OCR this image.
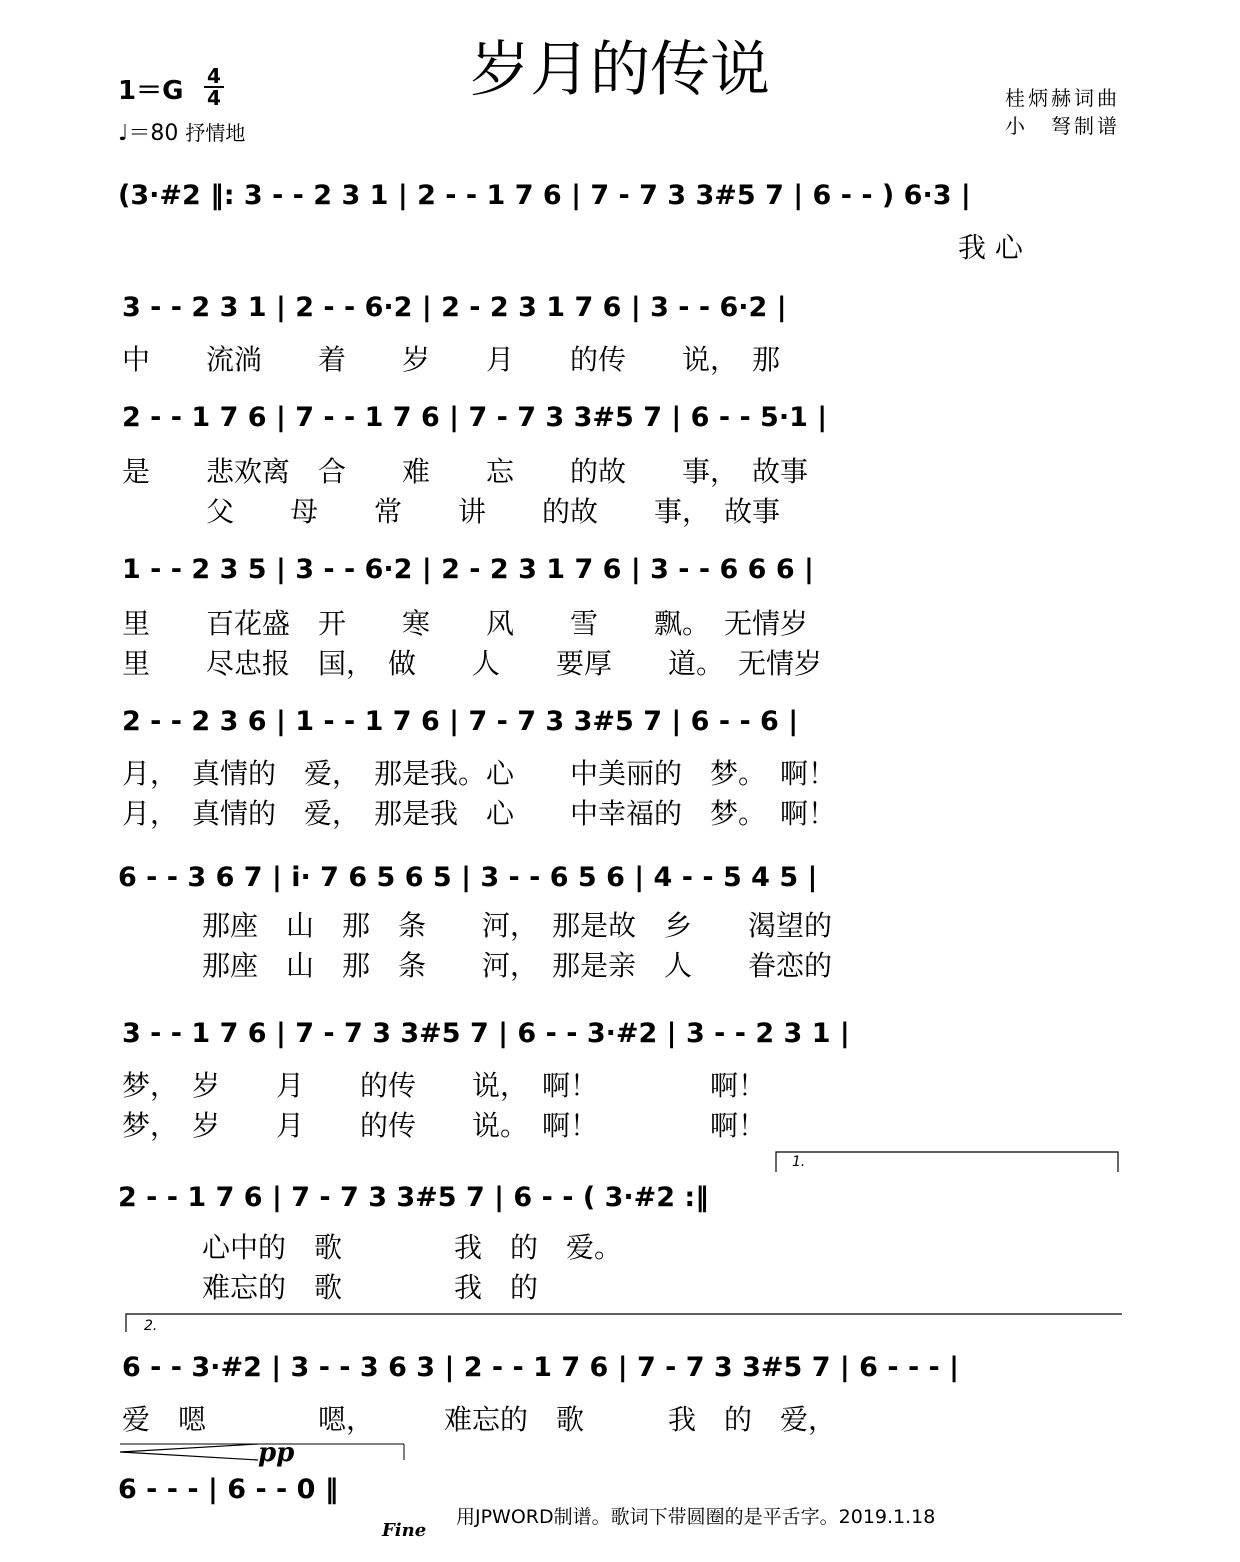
岁月的传说
1＝G 4
4
♩＝80 抒情地
桂炳赫词曲
小　弩制谱
(3·#2 ‖: 3 - - 2 3 1 | 2 - - 1 7 6 | 7 - 7 3 3#5 7 | 6 - - ) 6·3 |
　　　　　　　　　　　　　　　　　　　　　　　　　　　　　　我 心
3 - - 2 3 1 | 2 - - 6·2 | 2 - 2 3 1 7 6 | 3 - - 6·2 |
中　　流淌　　着　　岁　　月　　的传　　说，　那
2 - - 1 7 6 | 7 - - 1 7 6 | 7 - 7 3 3#5 7 | 6 - - 5·1 |
是　　悲欢离　合　　难　　忘　　的故　　事，　故事
　　　父　　母　　常　　讲　　的故　　事，　故事
1 - - 2 3 5 | 3 - - 6·2 | 2 - 2 3 1 7 6 | 3 - - 6 6 6 |
里　　百花盛　开　　寒　　风　　雪　　飘。　无情岁
里　　尽忠报　国，　做　　人　　要厚　　道。　无情岁
2 - - 2 3 6 | 1 - - 1 7 6 | 7 - 7 3 3#5 7 | 6 - - 6 |
月，　真情的　爱，　那是我。心　　中美丽的　梦。　啊！
月，　真情的　爱，　那是我　心　　中幸福的　梦。　啊！
6 - - 3 6 7 | i· 7 6 5 6 5 | 3 - - 6 5 6 | 4 - - 5 4 5 |
　　　那座　山　那　条　　河，　那是故　乡　　渴望的
　　　那座　山　那　条　　河，　那是亲　人　　眷恋的
3 - - 1 7 6 | 7 - 7 3 3#5 7 | 6 - - 3·#2 | 3 - - 2 3 1 |
梦，　岁　　月　　的传　　说，　啊！　　　　啊！
梦，　岁　　月　　的传　　说。　啊！　　　　啊！
2 - - 1 7 6 | 7 - 7 3 3#5 7 | 6 - - ( 3·#2 :‖
　　　心中的　歌　　　　我　的　爱。
　　　难忘的　歌　　　　我　的
6 - - 3·#2 | 3 - - 3 6 3 | 2 - - 1 7 6 | 7 - 7 3 3#5 7 | 6 - - - |
爱　嗯　　　　嗯，　　　难忘的　歌　　　我　的　爱，
6 - - - | 6 - - 0 ‖
1.
2.
pp
Fine
用JPWORD制谱。歌词下带圆圈的是平舌字。2019.1.18
